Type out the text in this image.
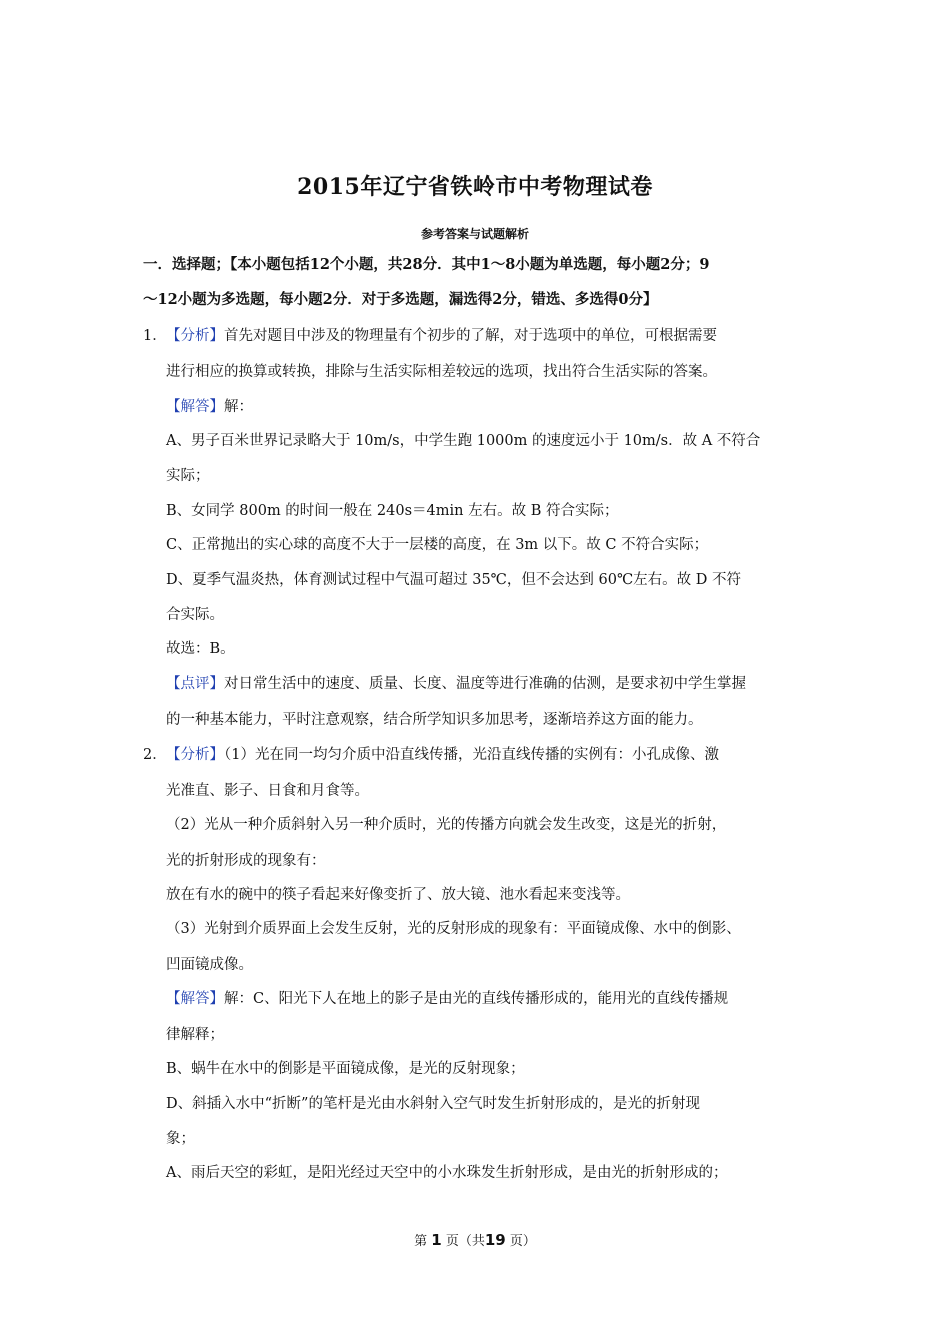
2015年辽宁省铁岭市中考物理试卷
参考答案与试题解析
一．选择题；【本小题包括12个小题，共28分．其中1～8小题为单选题，每小题2分；9
～12小题为多选题，每小题2分．对于多选题，漏选得2分，错选、多选得0分】
1． 【分析】首先对题目中涉及的物理量有个初步的了解，对于选项中的单位，可根据需要
进行相应的换算或转换，排除与生活实际相差较远的选项，找出符合生活实际的答案。
【解答】解：
A、男子百米世界记录略大于 10m/s，中学生跑 1000m 的速度远小于 10m/s．故 A 不符合
实际；
B、女同学 800m 的时间一般在 240s＝4min 左右。故 B 符合实际；
C、正常抛出的实心球的高度不大于一层楼的高度，在 3m 以下。故 C 不符合实际；
D、夏季气温炎热，体育测试过程中气温可超过 35℃，但不会达到 60℃左右。故 D 不符
合实际。
故选：B。
【点评】对日常生活中的速度、质量、长度、温度等进行准确的估测，是要求初中学生掌握
的一种基本能力，平时注意观察，结合所学知识多加思考，逐渐培养这方面的能力。
2． 【分析】（1）光在同一均匀介质中沿直线传播，光沿直线传播的实例有：小孔成像、激
光准直、影子、日食和月食等。
（2）光从一种介质斜射入另一种介质时，光的传播方向就会发生改变，这是光的折射，
光的折射形成的现象有：
放在有水的碗中的筷子看起来好像变折了、放大镜、池水看起来变浅等。
（3）光射到介质界面上会发生反射，光的反射形成的现象有：平面镜成像、水中的倒影、
凹面镜成像。
【解答】解：C、阳光下人在地上的影子是由光的直线传播形成的，能用光的直线传播规
律解释；
B、蜗牛在水中的倒影是平面镜成像，是光的反射现象；
D、斜插入水中“折断”的笔杆是光由水斜射入空气时发生折射形成的，是光的折射现
象；
A、雨后天空的彩虹，是阳光经过天空中的小水珠发生折射形成，是由光的折射形成的；
第 1 页（共19 页）
